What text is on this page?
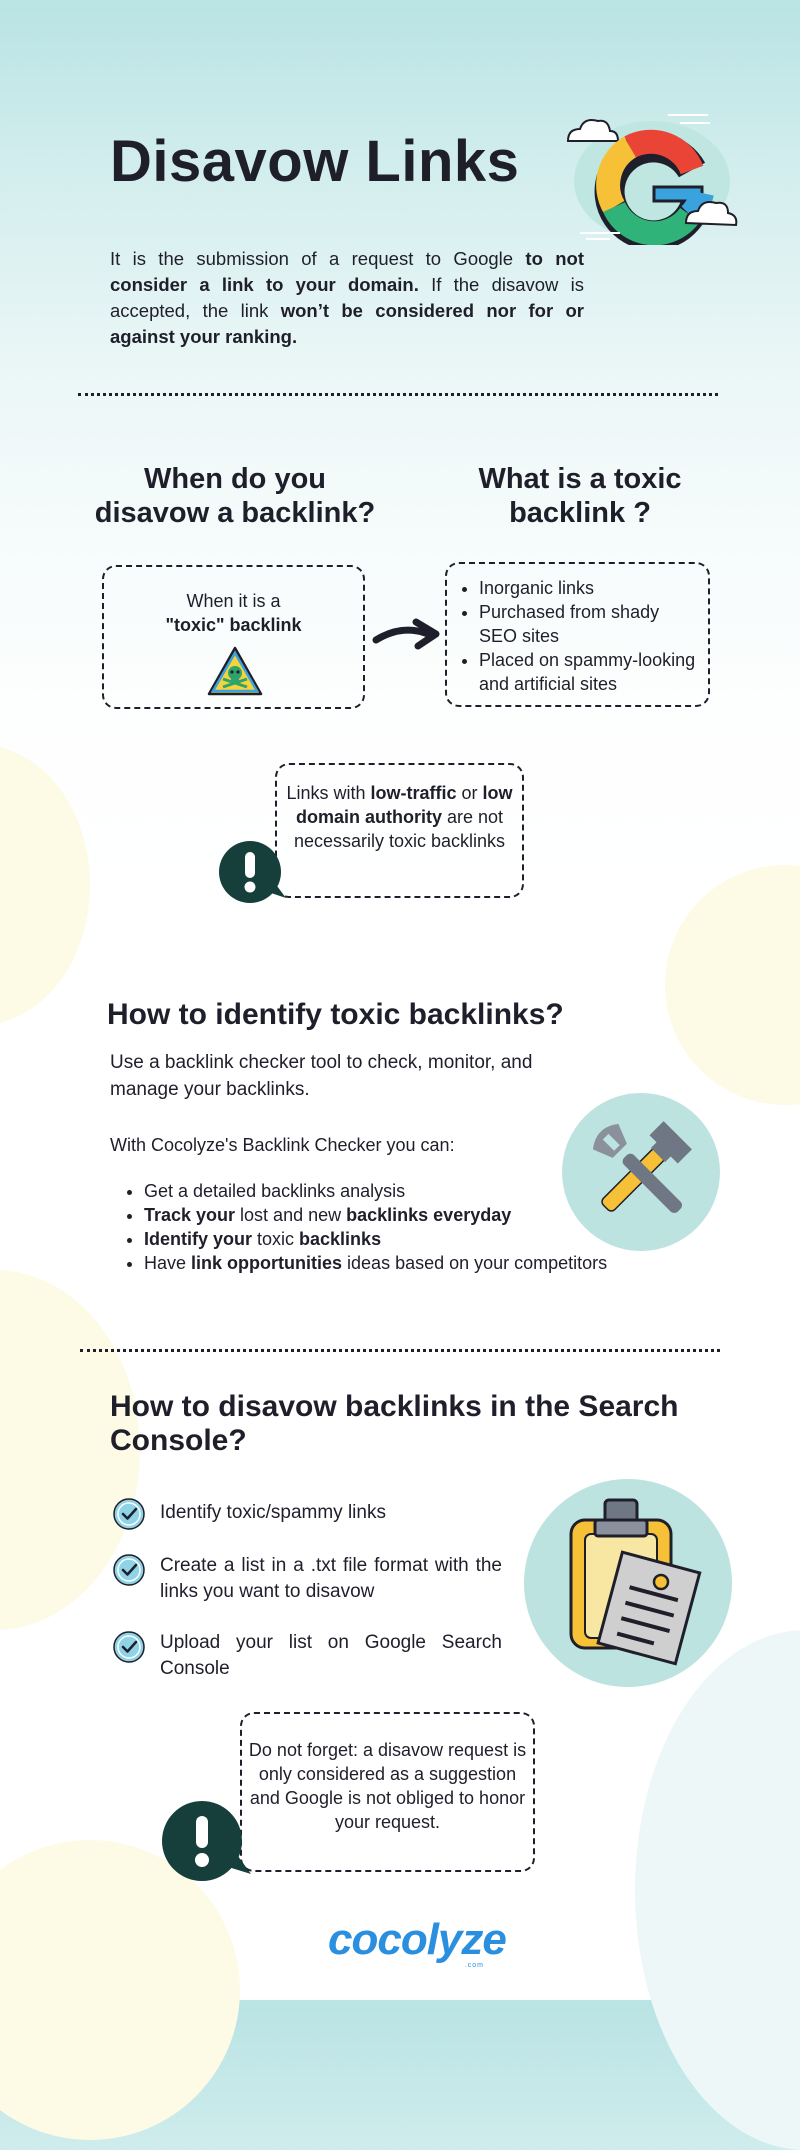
Disavow Links

It is the submission of a request to Google to not consider a link to your domain. If the disavow is accepted, the link won’t be considered nor for or against your ranking.

When do you
disavow a backlink?
What is a toxic
backlink ?
When it is a
"toxic" backlink
• Inorganic links
• Purchased from shady SEO sites
• Placed on spammy-looking and artificial sites
Links with low-traffic or low domain authority are not necessarily toxic backlinks
How to identify toxic backlinks?

Use a backlink checker tool to check, monitor, and manage your backlinks.

With Cocolyze's Backlink Checker you can:

• Get a detailed backlinks analysis
• Track your lost and new backlinks everyday
• Identify your toxic backlinks
• Have link opportunities ideas based on your competitors
How to disavow backlinks in the Search Console?
Identify toxic/spammy links
Create a list in a .txt file format with the links you want to disavow
Upload your list on Google Search Console
Do not forget: a disavow request is only considered as a suggestion and Google is not obliged to honor your request.
cocolyze
.com
